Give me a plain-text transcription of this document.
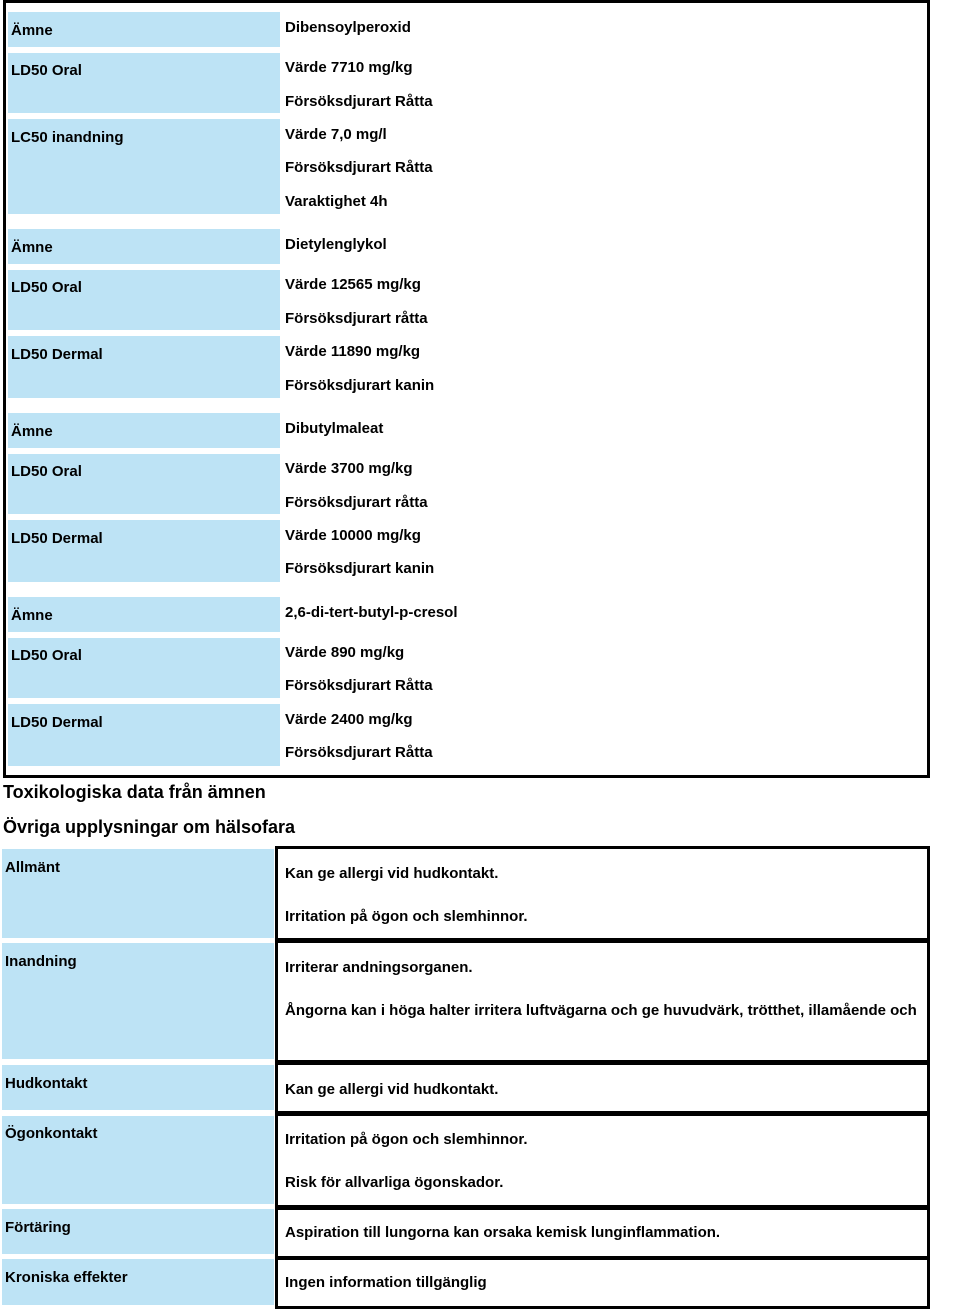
Ämne	Dibensoylperoxid
LD50 Oral	Värde 7710 mg/kg
Försöksdjurart Råtta
LC50 inandning	Värde 7,0 mg/l
Försöksdjurart Råtta
Varaktighet 4h
Ämne	Dietylenglykol
LD50 Oral	Värde 12565 mg/kg
Försöksdjurart råtta
LD50 Dermal	Värde 11890 mg/kg
Försöksdjurart kanin
Ämne	Dibutylmaleat
LD50 Oral	Värde 3700 mg/kg
Försöksdjurart råtta
LD50 Dermal	Värde 10000 mg/kg
Försöksdjurart kanin
Ämne	2,6-di-tert-butyl-p-cresol
LD50 Oral	Värde 890 mg/kg
Försöksdjurart Råtta
LD50 Dermal	Värde 2400 mg/kg
Försöksdjurart Råtta
Toxikologiska data från ämnen
Övriga upplysningar om hälsofara
Allmänt	Kan ge allergi vid hudkontakt.
Irritation på ögon och slemhinnor.
Inandning	Irriterar andningsorganen.
Ångorna kan i höga halter irritera luftvägarna och ge huvudvärk, trötthet, illamående och
Hudkontakt	Kan ge allergi vid hudkontakt.
Ögonkontakt	Irritation på ögon och slemhinnor.
Risk för allvarliga ögonskador.
Förtäring	Aspiration till lungorna kan orsaka kemisk lunginflammation.
Kroniska effekter	Ingen information tillgänglig
